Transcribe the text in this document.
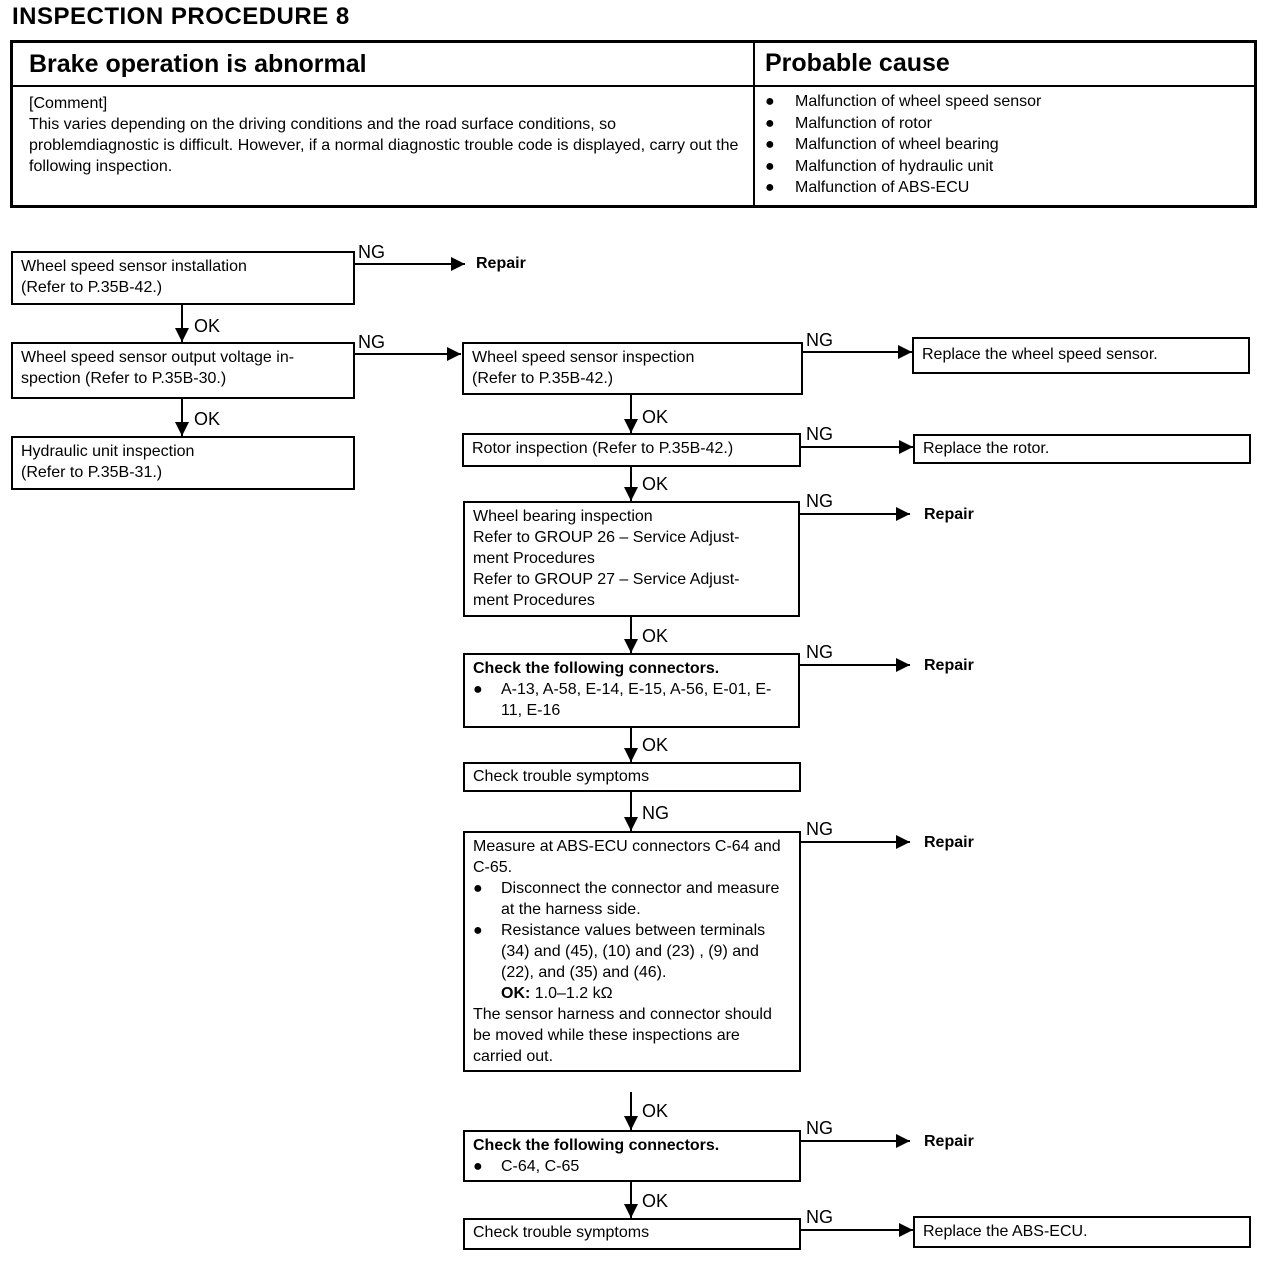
INSPECTION PROCEDURE 8
Brake operation is abnormal	Probable cause
[Comment]
This varies depending on the driving conditions and the road surface conditions, so problemdiagnostic is difficult. However, if a normal diagnostic trouble code is displayed, carry out the following inspection.
● Malfunction of wheel speed sensor
● Malfunction of rotor
● Malfunction of wheel bearing
● Malfunction of hydraulic unit
● Malfunction of ABS-ECU
OK
OK
NG
NG
OK
OK
OK
OK
NG
OK
OK
NG
NG
NG
NG
NG
NG
NG
Wheel speed sensor installation
(Refer to P.35B-42.)
Wheel speed sensor output voltage in-
spection (Refer to P.35B-30.)
Hydraulic unit inspection
(Refer to P.35B-31.)
Wheel speed sensor inspection
(Refer to P.35B-42.)
Rotor inspection (Refer to P.35B-42.)
Wheel bearing inspection
Refer to GROUP 26 – Service Adjust-
ment Procedures
Refer to GROUP 27 – Service Adjust-
ment Procedures
Check the following connectors.
● A-13, A-58, E-14, E-15, A-56, E-01, E-11, E-16
Check trouble symptoms
Measure at ABS-ECU connectors C-64 and C-65.
● Disconnect the connector and measure at the harness side.
● Resistance values between terminals (34) and (45), (10) and (23) , (9) and (22), and (35) and (46).
OK: 1.0–1.2 kΩ
The sensor harness and connector should be moved while these inspections are carried out.
Check the following connectors.
● C-64, C-65
Check trouble symptoms
Repair
Replace the wheel speed sensor.
Replace the rotor.
Repair
Repair
Repair
Repair
Replace the ABS-ECU.
